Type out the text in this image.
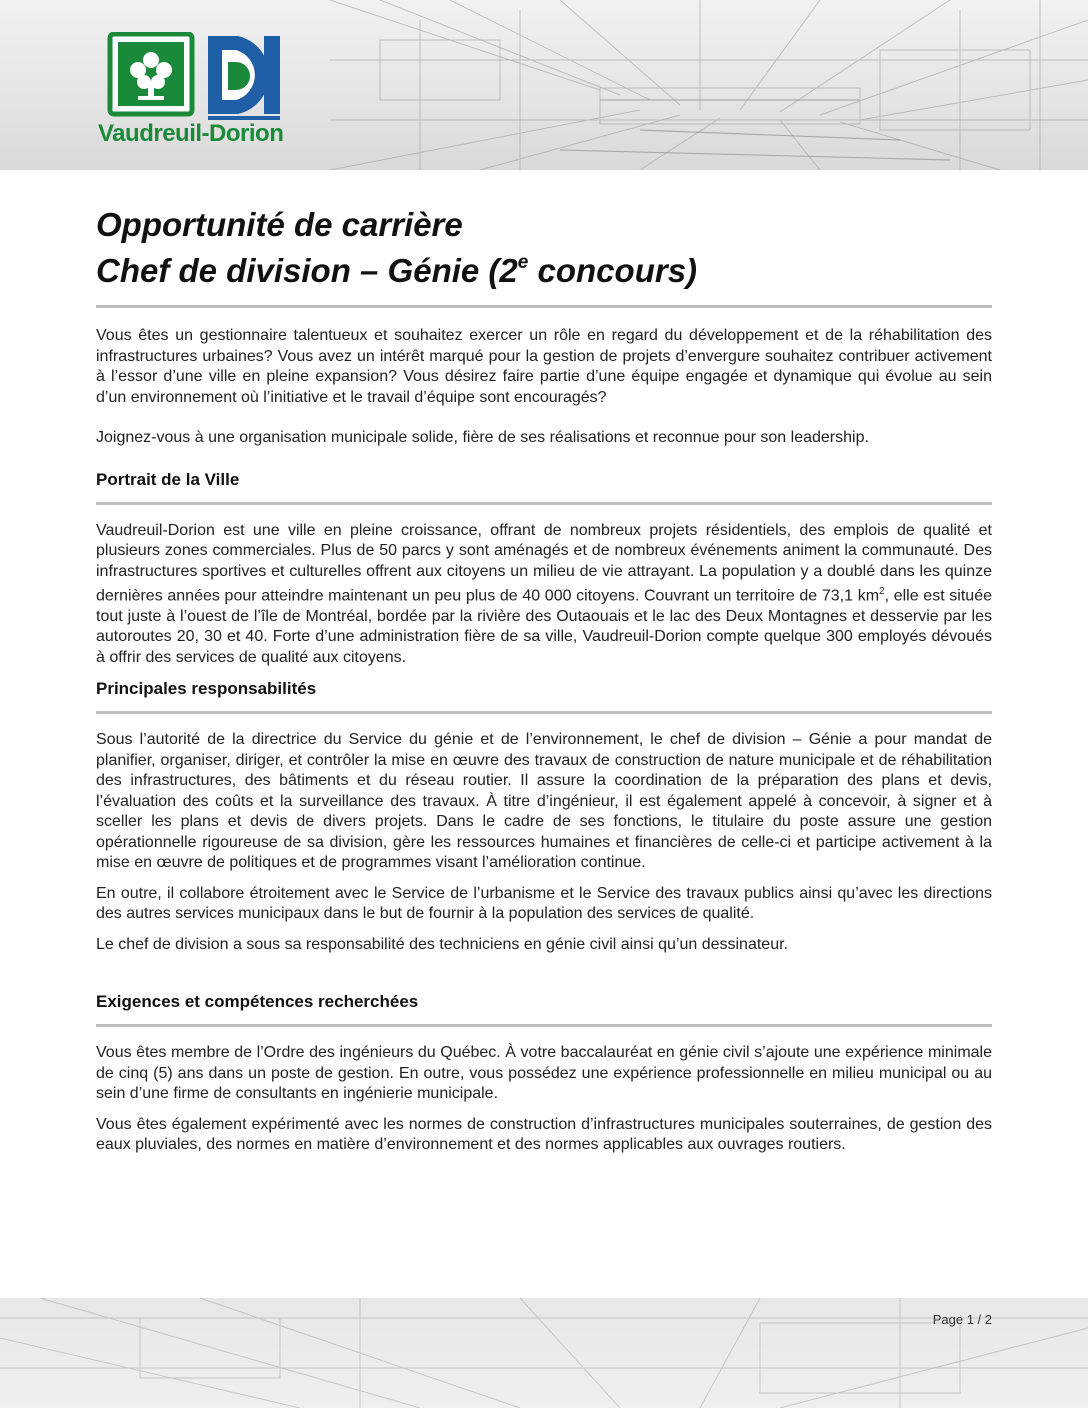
Vaudreuil-Dorion
Opportunité de carrière
Chef de division – Génie (2e concours)

Vous êtes un gestionnaire talentueux et souhaitez exercer un rôle en regard du développement et de la réhabilitation des infrastructures urbaines? Vous avez un intérêt marqué pour la gestion de projets d’envergure souhaitez contribuer activement à l’essor d’une ville en pleine expansion? Vous désirez faire partie d’une équipe engagée et dynamique qui évolue au sein d’un environnement où l’initiative et le travail d’équipe sont encouragés?

Joignez-vous à une organisation municipale solide, fière de ses réalisations et reconnue pour son leadership.

Portrait de la Ville

Vaudreuil-Dorion est une ville en pleine croissance, offrant de nombreux projets résidentiels, des emplois de qualité et plusieurs zones commerciales. Plus de 50 parcs y sont aménagés et de nombreux événements animent la communauté. Des infrastructures sportives et culturelles offrent aux citoyens un milieu de vie attrayant. La population y a doublé dans les quinze dernières années pour atteindre maintenant un peu plus de 40 000 citoyens. Couvrant un territoire de 73,1 $km^2$, elle est située tout juste à l’ouest de l’île de Montréal, bordée par la rivière des Outaouais et le lac des Deux Montagnes et desservie par les autoroutes 20, 30 et 40. Forte d’une administration fière de sa ville, Vaudreuil-Dorion compte quelque 300 employés dévoués à offrir des services de qualité aux citoyens.

Principales responsabilités

Sous l’autorité de la directrice du Service du génie et de l’environnement, le chef de division – Génie a pour mandat de planifier, organiser, diriger, et contrôler la mise en œuvre des travaux de construction de nature municipale et de réhabilitation des infrastructures, des bâtiments et du réseau routier. Il assure la coordination de la préparation des plans et devis, l’évaluation des coûts et la surveillance des travaux. À titre d’ingénieur, il est également appelé à concevoir, à signer et à sceller les plans et devis de divers projets. Dans le cadre de ses fonctions, le titulaire du poste assure une gestion opérationnelle rigoureuse de sa division, gère les ressources humaines et financières de celle-ci et participe activement à la mise en œuvre de politiques et de programmes visant l’amélioration continue.

En outre, il collabore étroitement avec le Service de l’urbanisme et le Service des travaux publics ainsi qu’avec les directions des autres services municipaux dans le but de fournir à la population des services de qualité.

Le chef de division a sous sa responsabilité des techniciens en génie civil ainsi qu’un dessinateur.

Exigences et compétences recherchées

Vous êtes membre de l’Ordre des ingénieurs du Québec. À votre baccalauréat en génie civil s’ajoute une expérience minimale de cinq (5) ans dans un poste de gestion. En outre, vous possédez une expérience professionnelle en milieu municipal ou au sein d’une firme de consultants en ingénierie municipale.

Vous êtes également expérimenté avec les normes de construction d’infrastructures municipales souterraines, de gestion des eaux pluviales, des normes en matière d’environnement et des normes applicables aux ouvrages routiers.

Page 1 / 2
